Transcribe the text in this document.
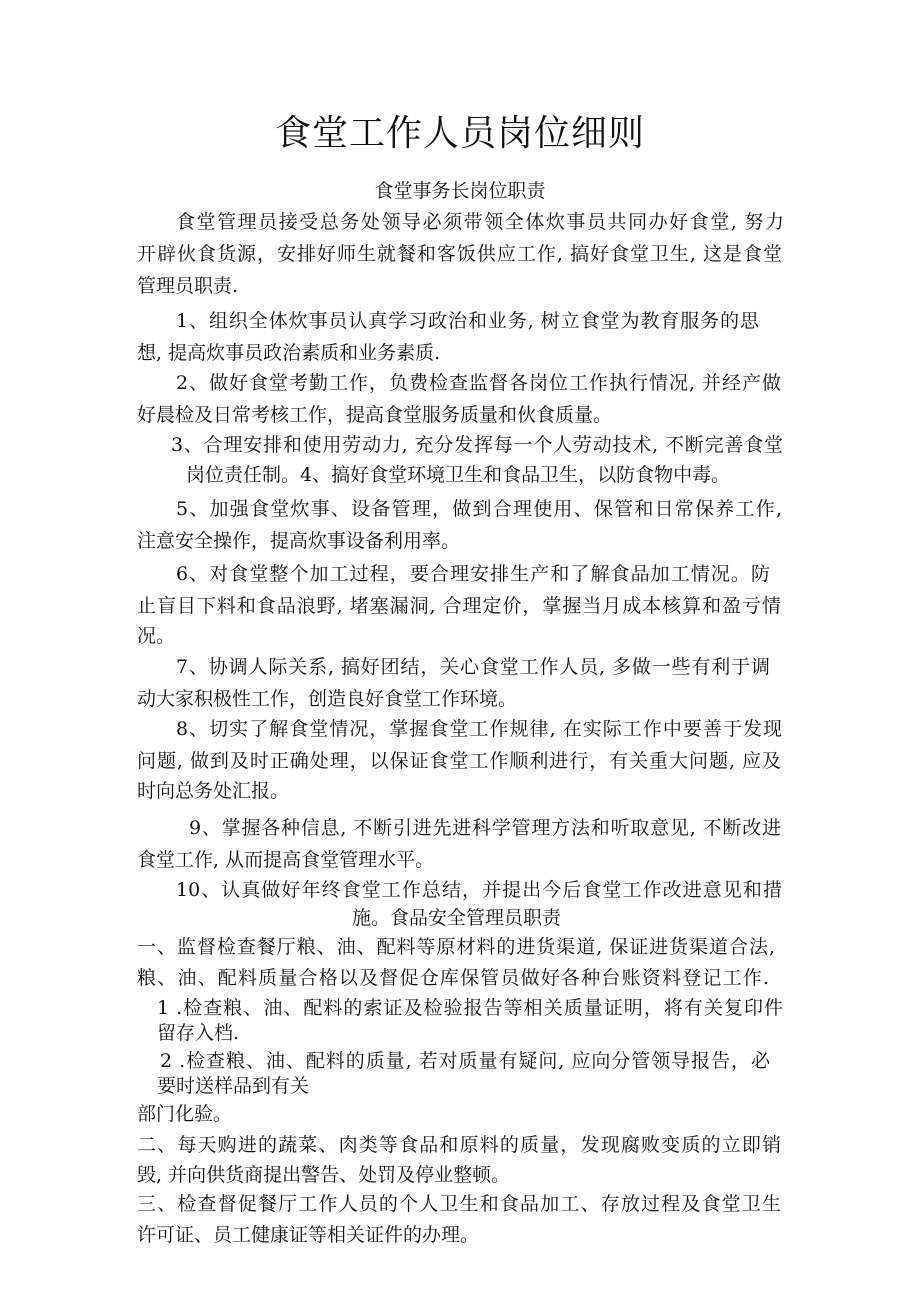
食堂工作人员岗位细则
食堂事务长岗位职责
食堂管理员接受总务处领导必须带领全体炊事员共同办好食堂, 努力
开辟伙食货源，安排好师生就餐和客饭供应工作, 搞好食堂卫生, 这是食堂
管理员职责.
1、组织全体炊事员认真学习政治和业务, 树立食堂为教育服务的思
想, 提高炊事员政治素质和业务素质.
2、做好食堂考勤工作，负费检查监督各岗位工作执行情况, 并经产做
好晨检及日常考核工作，提高食堂服务质量和伙食质量。
3、合理安排和使用劳动力, 充分发挥每一个人劳动技术, 不断完善食堂
岗位责任制。4、搞好食堂环境卫生和食品卫生，以防食物中毒。
5、加强食堂炊事、设备管理，做到合理使用、保管和日常保养工作,
注意安全操作，提高炊事设备利用率。
6、对食堂整个加工过程，要合理安排生产和了解食品加工情况。防
止盲目下料和食品浪野, 堵塞漏洞, 合理定价，掌握当月成本核算和盈亏情
况。
7、协调人际关系, 搞好团结，关心食堂工作人员, 多做一些有利于调
动大家积极性工作，创造良好食堂工作环境。
8、切实了解食堂情况，掌握食堂工作规律, 在实际工作中要善于发现
问题, 做到及时正确处理，以保证食堂工作顺利进行，有关重大问题, 应及
时向总务处汇报。
9、掌握各种信息, 不断引进先进科学管理方法和听取意见, 不断改进
食堂工作, 从而提高食堂管理水平。
10、认真做好年终食堂工作总结，并提出今后食堂工作改进意见和措
施。食品安全管理员职责
一、监督检查餐厅粮、油、配料等原材料的进货渠道, 保证进货渠道合法,
粮、油、配料质量合格以及督促仓库保管员做好各种台账资料登记工作.
1 .检查粮、油、配料的索证及检验报告等相关质量证明，将有关复印件
留存入档.
2 .检查粮、油、配料的质量, 若对质量有疑问, 应向分管领导报告，必
要时送样品到有关
部门化验。
二、每天购进的蔬菜、肉类等食品和原料的质量，发现腐败变质的立即销
毁, 并向供货商提出警告、处罚及停业整顿。
三、检查督促餐厅工作人员的个人卫生和食品加工、存放过程及食堂卫生
许可证、员工健康证等相关证件的办理。
